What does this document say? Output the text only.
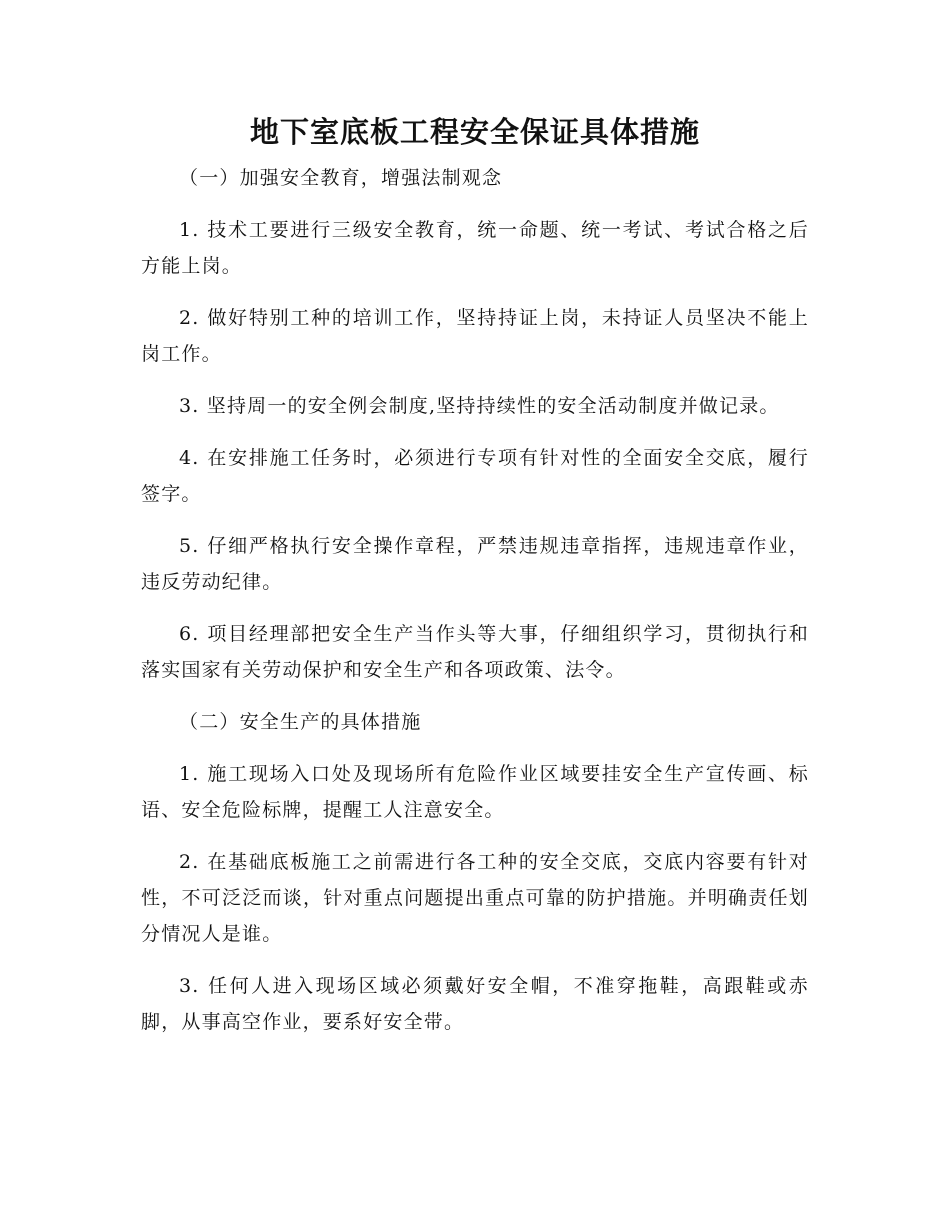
地下室底板工程安全保证具体措施
（一）加强安全教育，增强法制观念
1. 技术工要进行三级安全教育，统一命题、统一考试、考试合格之后方能上岗。
2. 做好特别工种的培训工作，坚持持证上岗，未持证人员坚决不能上岗工作。
3. 坚持周一的安全例会制度,坚持持续性的安全活动制度并做记录。
4. 在安排施工任务时，必须进行专项有针对性的全面安全交底，履行签字。
5. 仔细严格执行安全操作章程，严禁违规违章指挥，违规违章作业，违反劳动纪律。
6. 项目经理部把安全生产当作头等大事，仔细组织学习，贯彻执行和落实国家有关劳动保护和安全生产和各项政策、法令。
（二）安全生产的具体措施
1. 施工现场入口处及现场所有危险作业区域要挂安全生产宣传画、标语、安全危险标牌，提醒工人注意安全。
2. 在基础底板施工之前需进行各工种的安全交底，交底内容要有针对性，不可泛泛而谈，针对重点问题提出重点可靠的防护措施。并明确责任划分情况人是谁。
3. 任何人进入现场区域必须戴好安全帽，不准穿拖鞋，高跟鞋或赤脚，从事高空作业，要系好安全带。
